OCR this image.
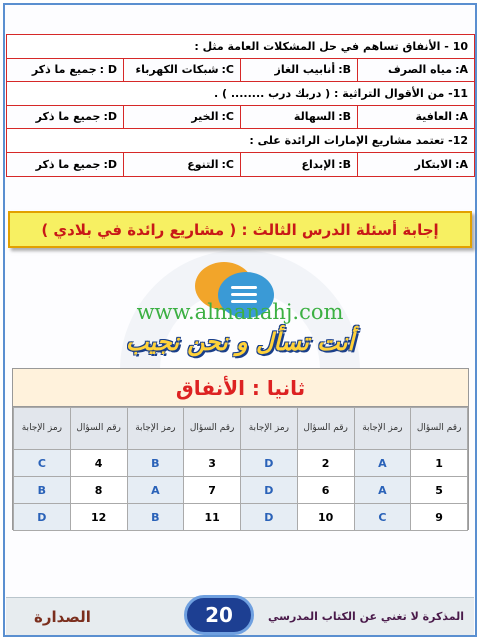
10 - الأنفاق تساهم في حل المشكلات العامة مثل :
A:
مياه الصرف
B:
أنابيب الغاز
C:
شبكات الكهرباء
D :
جميع ما ذكر
11- من الأقوال التراثية : ( دربك درب ........ ) .
A:
العافية
B:
السهالة
C:
الخير
D:
جميع ما ذكر
12- تعتمد مشاريع الإمارات الرائدة على :
A:
الابتكار
B:
الإبداع
C:
التنوع
D:
جميع ما ذكر
إجابة أسئلة الدرس الثالث : ( مشاريع رائدة في بلادي )
www.almanahj.com
أنت تسأل و نحن نجيب
ثانيا : الأنفاق
رقم السؤال	رمز الإجابة	رقم السؤال	رمز الإجابة	رقم السؤال	رمز الإجابة	رقم السؤال	رمز الإجابة
1	A	2	D	3	B	4	C
5	A	6	D	7	A	8	B
9	C	10	D	11	B	12	D
المذكرة لا تغني عن الكتاب المدرسي
20
الصدارة
